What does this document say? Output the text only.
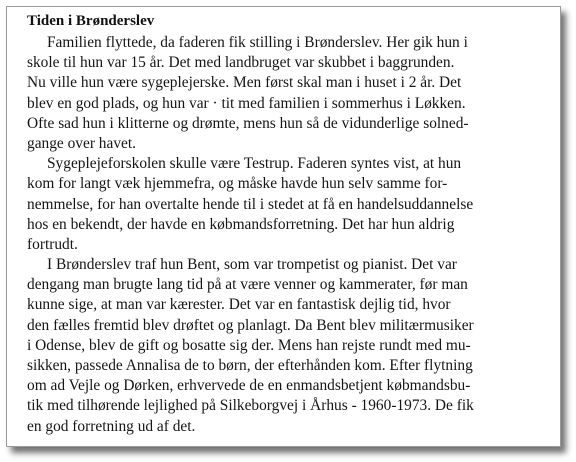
Tiden i Brønderslev
Familien flyttede, da faderen fik stilling i Brønderslev. Her gik hun i
skole til hun var 15 år. Det med landbruget var skubbet i baggrunden.
Nu ville hun være sygeplejerske. Men først skal man i huset i 2 år. Det
blev en god plads, og hun var · tit med familien i sommerhus i Løkken.
Ofte sad hun i klitterne og drømte, mens hun så de vidunderlige solned-
gange over havet.
Sygeplejeforskolen skulle være Testrup. Faderen syntes vist, at hun
kom for langt væk hjemmefra, og måske havde hun selv samme for-
nemmelse, for han overtalte hende til i stedet at få en handelsuddannelse
hos en bekendt, der havde en købmandsforretning. Det har hun aldrig
fortrudt.
I Brønderslev traf hun Bent, som var trompetist og pianist. Det var
dengang man brugte lang tid på at være venner og kammerater, før man
kunne sige, at man var kærester. Det var en fantastisk dejlig tid, hvor
den fælles fremtid blev drøftet og planlagt. Da Bent blev militærmusiker
i Odense, blev de gift og bosatte sig der. Mens han rejste rundt med mu-
sikken, passede Annalisa de to børn, der efterhånden kom. Efter flytning
om ad Vejle og Dørken, erhvervede de en enmandsbetjent købmandsbu-
tik med tilhørende lejlighed på Silkeborgvej i Århus - 1960-1973. De fik
en god forretning ud af det.
